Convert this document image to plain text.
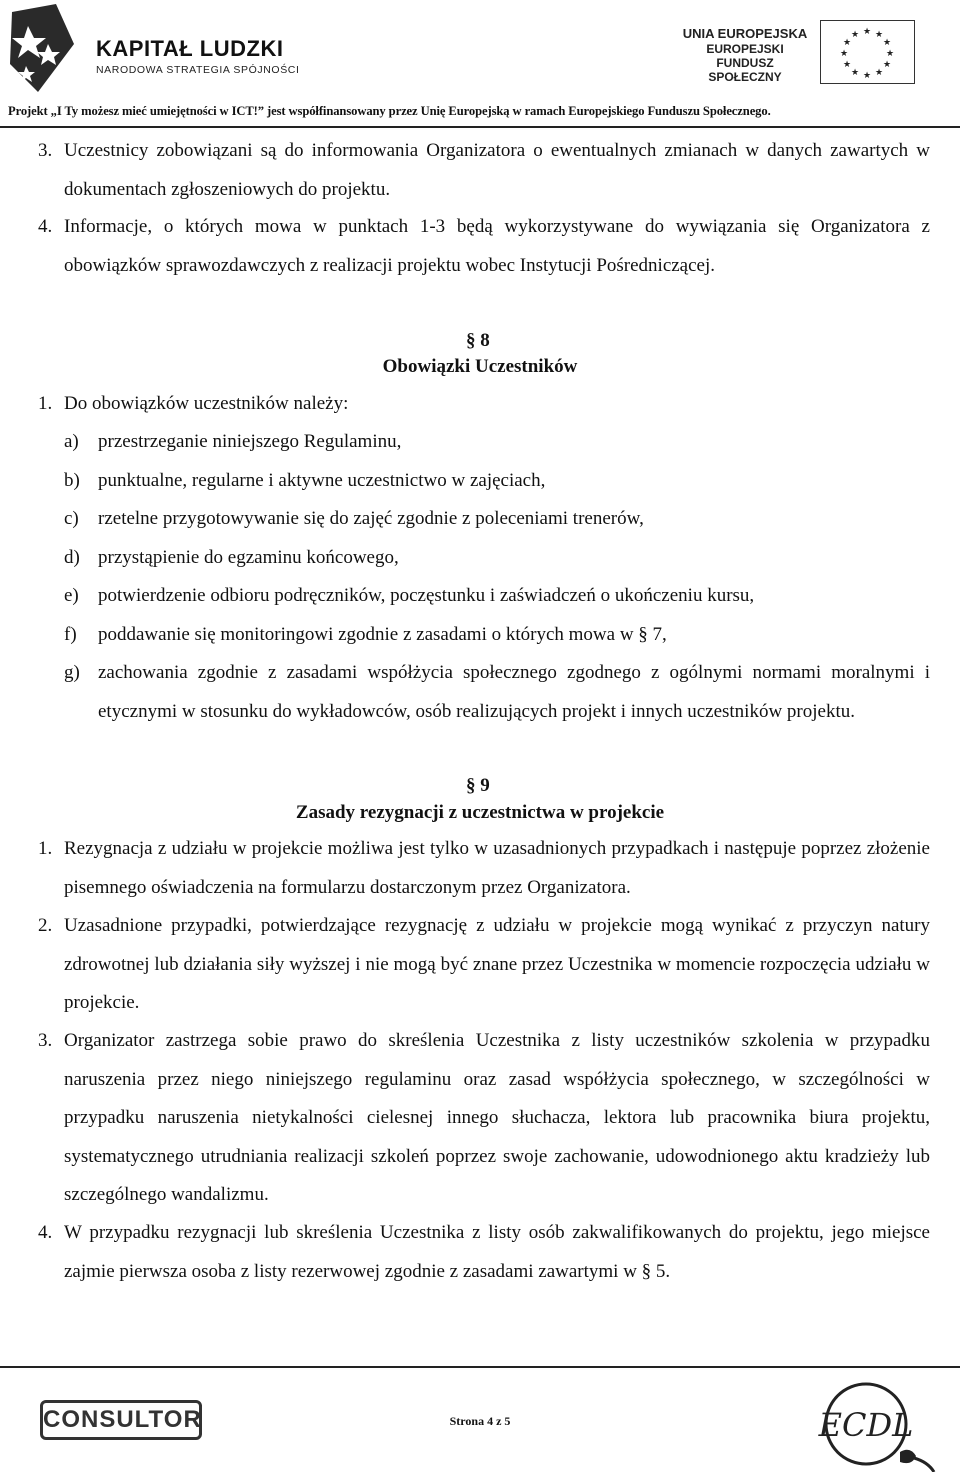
KAPITAŁ LUDZKI
NARODOWA STRATEGIA SPÓJNOŚCI
UNIA EUROPEJSKA
EUROPEJSKI
FUNDUSZ SPOŁECZNY
★ ★
★
★
★
★
★
★
★
★
★
★
Projekt „I Ty możesz mieć umiejętności w ICT!” jest współfinansowany przez Unię Europejską w ramach Europejskiego Funduszu Społecznego.
3. Uczestnicy zobowiązani są do informowania Organizatora o ewentualnych zmianach w danych zawartych w dokumentach zgłoszeniowych do projektu.
4. Informacje, o których mowa w punktach 1-3 będą wykorzystywane do wywiązania się Organizatora z obowiązków sprawozdawczych z realizacji projektu wobec Instytucji Pośredniczącej.
§ 8
Obowiązki Uczestników
1. Do obowiązków uczestników należy:
a)	przestrzeganie niniejszego Regulaminu,
b) punktualne, regularne i aktywne uczestnictwo w zajęciach,
c)	rzetelne przygotowywanie się do zajęć zgodnie z poleceniami trenerów,
d) przystąpienie do egzaminu końcowego,
e)	potwierdzenie odbioru podręczników, poczęstunku i zaświadczeń o ukończeniu kursu,
f)	poddawanie się monitoringowi zgodnie z zasadami o których mowa w § 7,
g) zachowania zgodnie z zasadami współżycia społecznego zgodnego z ogólnymi normami moralnymi i etycznymi w stosunku do wykładowców, osób realizujących projekt i innych uczestników projektu.
§ 9
Zasady rezygnacji z uczestnictwa w projekcie
1. Rezygnacja z udziału w projekcie możliwa jest tylko w uzasadnionych przypadkach i następuje poprzez złożenie pisemnego oświadczenia na formularzu dostarczonym przez Organizatora.
2. Uzasadnione przypadki, potwierdzające rezygnację z udziału w projekcie mogą wynikać z przyczyn natury zdrowotnej lub działania siły wyższej i nie mogą być znane przez Uczestnika w momencie rozpoczęcia udziału w projekcie.
3. Organizator zastrzega sobie prawo do skreślenia Uczestnika z listy uczestników szkolenia w przypadku naruszenia przez niego niniejszego regulaminu oraz zasad współżycia społecznego, w szczególności w przypadku naruszenia nietykalności cielesnej innego słuchacza, lektora lub pracownika biura projektu, systematycznego utrudniania realizacji szkoleń poprzez swoje zachowanie, udowodnionego aktu kradzieży lub szczególnego wandalizmu.
4. W przypadku rezygnacji lub skreślenia Uczestnika z listy osób zakwalifikowanych do projektu, jego miejsce zajmie pierwsza osoba z listy rezerwowej zgodnie z zasadami zawartymi w § 5.
CONSULTOR	Strona 4 z 5	ECDL
